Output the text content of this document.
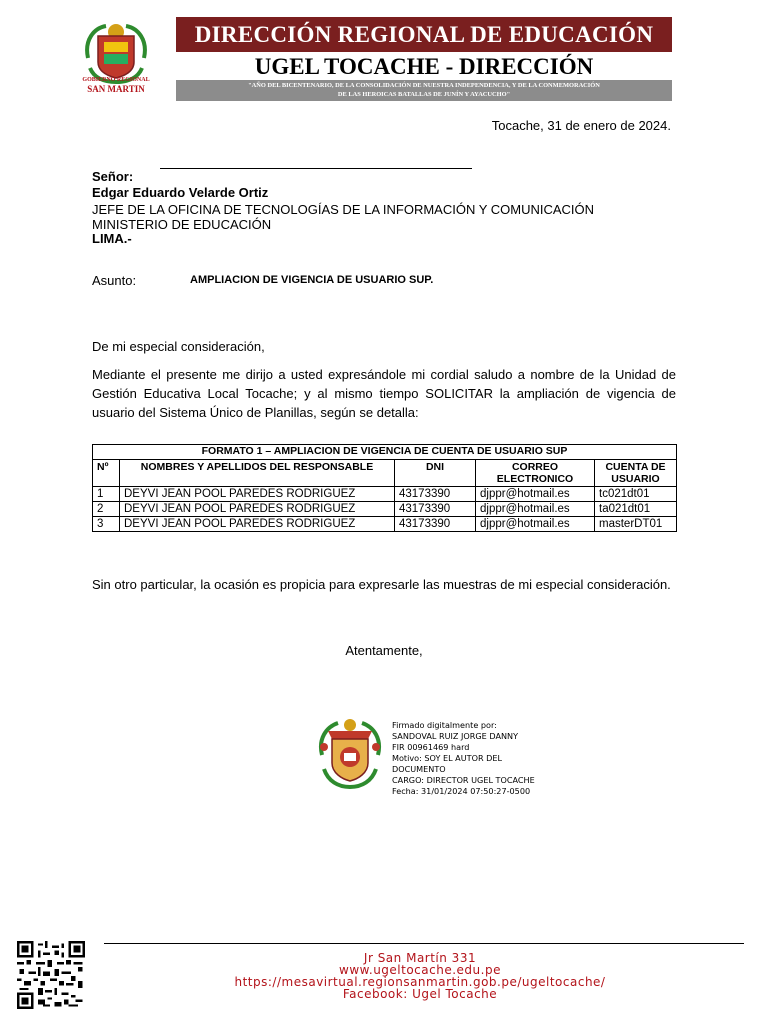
GOBIERNO REGIONAL
SAN MARTIN
DIRECCIÓN REGIONAL DE EDUCACIÓN
UGEL TOCACHE - DIRECCIÓN
"AÑO DEL BICENTENARIO, DE LA CONSOLIDACIÓN DE NUESTRA INDEPENDENCIA, Y DE LA CONMEMORACIÓN
DE LAS HEROICAS BATALLAS DE JUNÍN Y AYACUCHO"
Tocache, 31 de enero de 2024.
Señor:
Edgar Eduardo Velarde Ortiz
JEFE DE LA OFICINA DE TECNOLOGÍAS DE LA INFORMACIÓN Y COMUNICACIÓN
MINISTERIO DE EDUCACIÓN
LIMA.-
Asunto:	AMPLIACION DE VIGENCIA DE USUARIO SUP.
De mi especial consideración,
Mediante el presente me dirijo a usted expresándole mi cordial saludo a nombre de la Unidad de Gestión Educativa Local Tocache; y al mismo tiempo SOLICITAR la ampliación de vigencia de usuario del Sistema Único de Planillas, según se detalla:
FORMATO 1 – AMPLIACION DE VIGENCIA DE CUENTA DE USUARIO SUP				
Nº	NOMBRES Y APELLIDOS DEL RESPONSABLE	DNI	CORREO ELECTRONICO	CUENTA DE USUARIO
1	DEYVI JEAN POOL PAREDES RODRIGUEZ	43173390	djppr@hotmail.es	tc021dt01
2	DEYVI JEAN POOL PAREDES RODRIGUEZ	43173390	djppr@hotmail.es	ta021dt01
3	DEYVI JEAN POOL PAREDES RODRIGUEZ	43173390	djppr@hotmail.es	masterDT01
Sin otro particular, la ocasión es propicia para expresarle las muestras de mi especial consideración.
Atentamente,
Firmado digitalmente por:
SANDOVAL RUIZ JORGE DANNY
FIR 00961469 hard
Motivo: SOY EL AUTOR DEL
DOCUMENTO
CARGO: DIRECTOR UGEL TOCACHE
Fecha: 31/01/2024 07:50:27-0500
Jr San Martín 331
www.ugeltocache.edu.pe
https://mesavirtual.regionsanmartin.gob.pe/ugeltocache/
Facebook: Ugel Tocache
